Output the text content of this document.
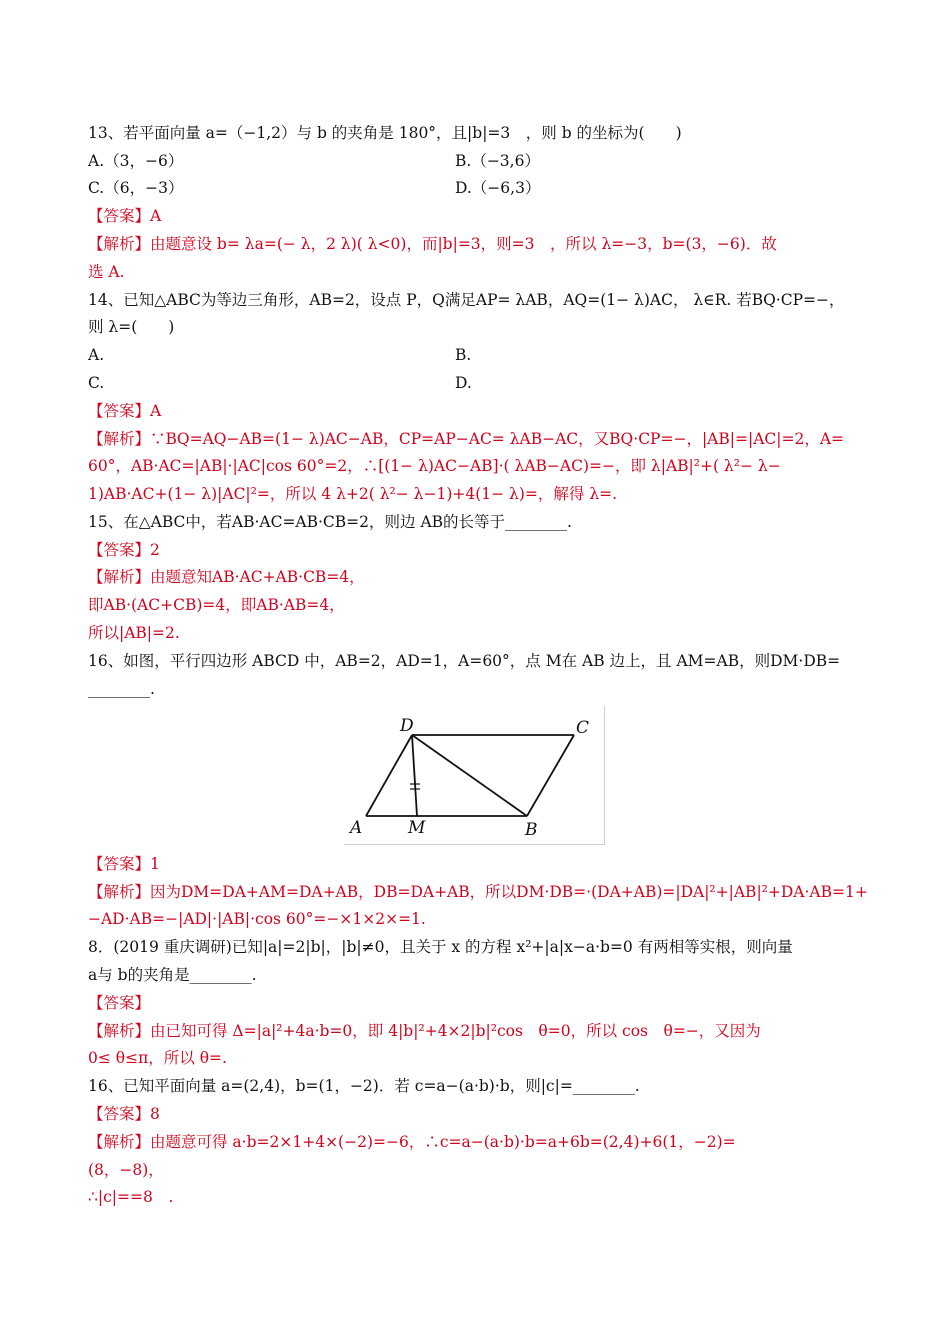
13、若平面向量 a=（−1,2）与 b 的夹角是 180°，且|b|=3　，则 b 的坐标为(　　)
A.（3，−6）	B.（−3,6）
C.（6，−3）	D.（−6,3）
【答案】A
【解析】由题意设 b= λa=(− λ，2 λ)( λ<0)，而|b|=3，则=3　，所以 λ=−3，b=(3，−6)．故
选 A.
14、已知△ABC为等边三角形，AB=2，设点 P，Q满足AP= λAB，AQ=(1− λ)AC， λ∈R. 若BQ·CP=−，
则 λ=(　　)
A.	B.
C.	D.
【答案】A
【解析】∵BQ=AQ−AB=(1− λ)AC−AB，CP=AP−AC= λAB−AC，又BQ·CP=−，|AB|=|AC|=2，A=
60°，AB·AC=|AB|·|AC|cos 60°=2，∴[(1− λ)AC−AB]·( λAB−AC)=−，即 λ|AB|²+( λ²− λ−
1)AB·AC+(1− λ)|AC|²=，所以 4 λ+2( λ²− λ−1)+4(1− λ)=，解得 λ=.
15、在△ABC中，若AB·AC=AB·CB=2，则边 AB的长等于________.
【答案】2
【解析】由题意知AB·AC+AB·CB=4，
即AB·(AC+CB)=4，即AB·AB=4，
所以|AB|=2.
16、如图，平行四边形 ABCD 中，AB=2，AD=1，A=60°，点 M在 AB 边上，且 AM=AB，则DM·DB=
________.
A	M	B
C
D
【答案】1
【解析】因为DM=DA+AM=DA+AB，DB=DA+AB，所以DM·DB=·(DA+AB)=|DA|²+|AB|²+DA·AB=1+
−AD·AB=−|AD|·|AB|·cos 60°=−×1×2×=1.
8．(2019 重庆调研)已知|a|=2|b|，|b|≠0，且关于 x 的方程 x²+|a|x−a·b=0 有两相等实根，则向量
a与 b的夹角是________.
【答案】
【解析】由已知可得 Δ=|a|²+4a·b=0，即 4|b|²+4×2|b|²cos　θ=0，所以 cos　θ=−，又因为
0≤ θ≤π，所以 θ=.
16、已知平面向量 a=(2,4)，b=(1，−2)．若 c=a−(a·b)·b，则|c|=________.
【答案】8
【解析】由题意可得 a·b=2×1+4×(−2)=−6，∴c=a−(a·b)·b=a+6b=(2,4)+6(1，−2)=
(8，−8)，
∴|c|==8　.
